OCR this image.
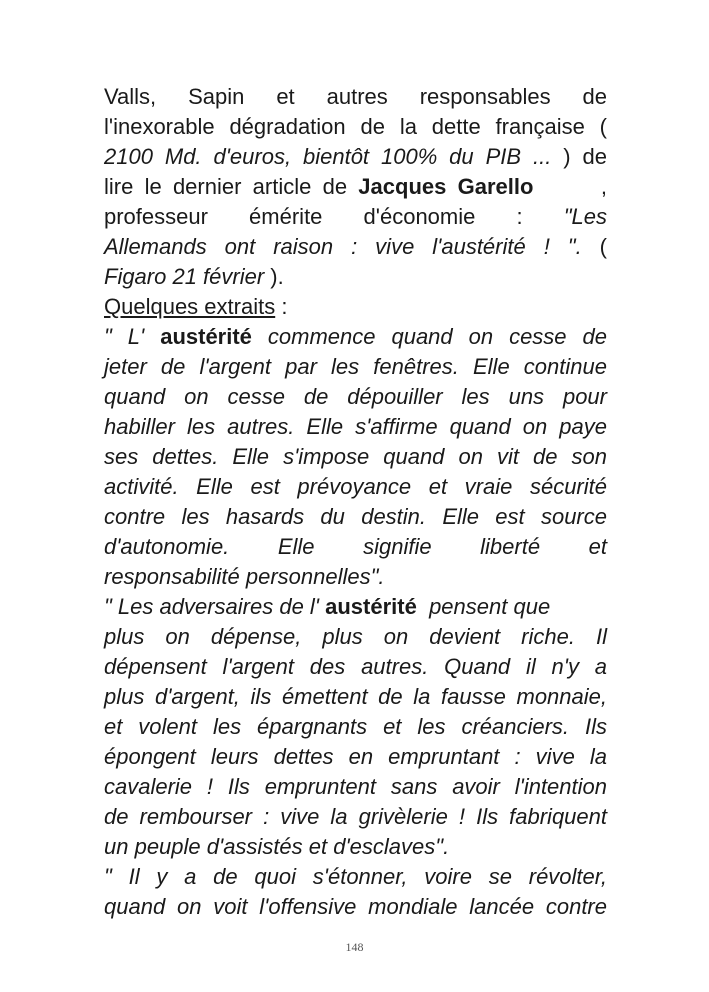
Valls, Sapin et autres responsables de
l'inexorable dégradation de la dette française (
2100 Md. d'euros, bientôt 100% du PIB ... ) de
lire le dernier article de Jacques Garello	,
professeur émérite d'économie : "Les
Allemands ont raison : vive l'austérité ! ". (
Figaro 21 février ).
Quelques extraits :
" L' austérité commence quand on cesse de
jeter de l'argent par les fenêtres. Elle continue
quand on cesse de dépouiller les uns pour
habiller les autres. Elle s'affirme quand on paye
ses dettes. Elle s'impose quand on vit de son
activité. Elle est prévoyance et vraie sécurité
contre les hasards du destin. Elle est source
d'autonomie. Elle signifie liberté et
responsabilité personnelles".
" Les adversaires de l' austérité  pensent que
plus on dépense, plus on devient riche. Il
dépensent l'argent des autres. Quand il n'y a
plus d'argent, ils émettent de la fausse monnaie,
et volent les épargnants et les créanciers. Ils
épongent leurs dettes en empruntant : vive la
cavalerie ! Ils empruntent sans avoir l'intention
de rembourser : vive la grivèlerie ! Ils fabriquent
un peuple d'assistés et d'esclaves".
" Il y a de quoi s'étonner, voire se révolter,
quand on voit l'offensive mondiale lancée contre
148
